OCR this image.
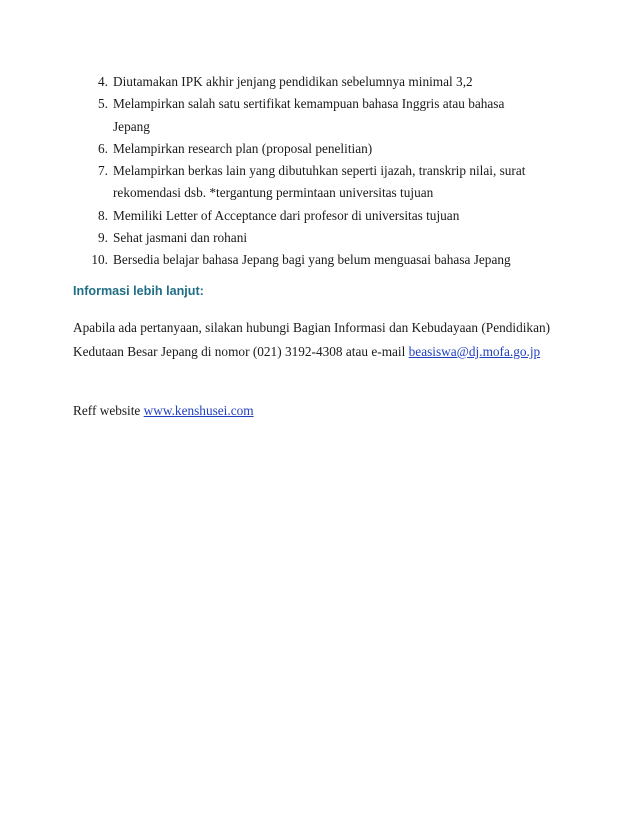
4. Diutamakan IPK akhir jenjang pendidikan sebelumnya minimal 3,2
5. Melampirkan salah satu sertifikat kemampuan bahasa Inggris atau bahasa Jepang
6. Melampirkan research plan (proposal penelitian)
7. Melampirkan berkas lain yang dibutuhkan seperti ijazah, transkrip nilai, surat rekomendasi dsb. *tergantung permintaan universitas tujuan
8. Memiliki Letter of Acceptance dari profesor di universitas tujuan
9. Sehat jasmani dan rohani
10. Bersedia belajar bahasa Jepang bagi yang belum menguasai bahasa Jepang
Informasi lebih lanjut:

Apabila ada pertanyaan, silakan hubungi Bagian Informasi dan Kebudayaan (Pendidikan)
Kedutaan Besar Jepang di nomor (021) 3192-4308 atau e-mail beasiswa@dj.mofa.go.jp

Reff website www.kenshusei.com
